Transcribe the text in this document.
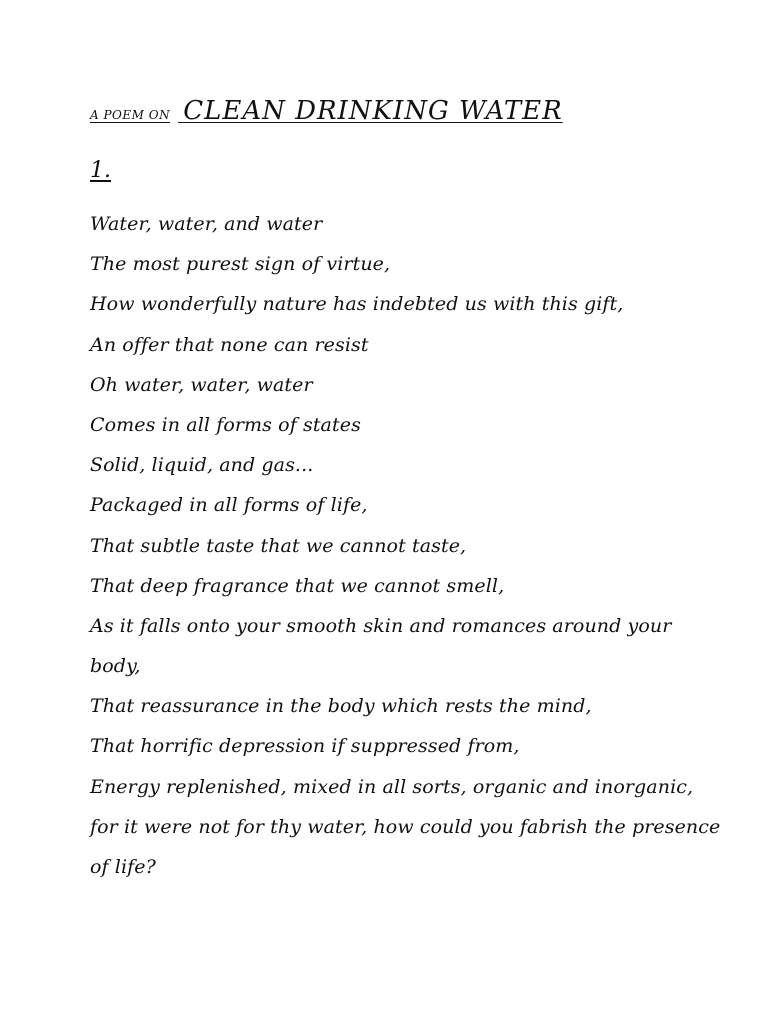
A POEM ON CLEAN DRINKING WATER
1.
Water, water, and water
The most purest sign of virtue,
How wonderfully nature has indebted us with this gift,
An offer that none can resist
Oh water, water, water
Comes in all forms of states
Solid, liquid, and gas...
Packaged in all forms of life,
That subtle taste that we cannot taste,
That deep fragrance that we cannot smell,
As it falls onto your smooth skin and romances around your
body,
That reassurance in the body which rests the mind,
That horrific depression if suppressed from,
Energy replenished, mixed in all sorts, organic and inorganic,
for it were not for thy water, how could you fabrish the presence
of life?
